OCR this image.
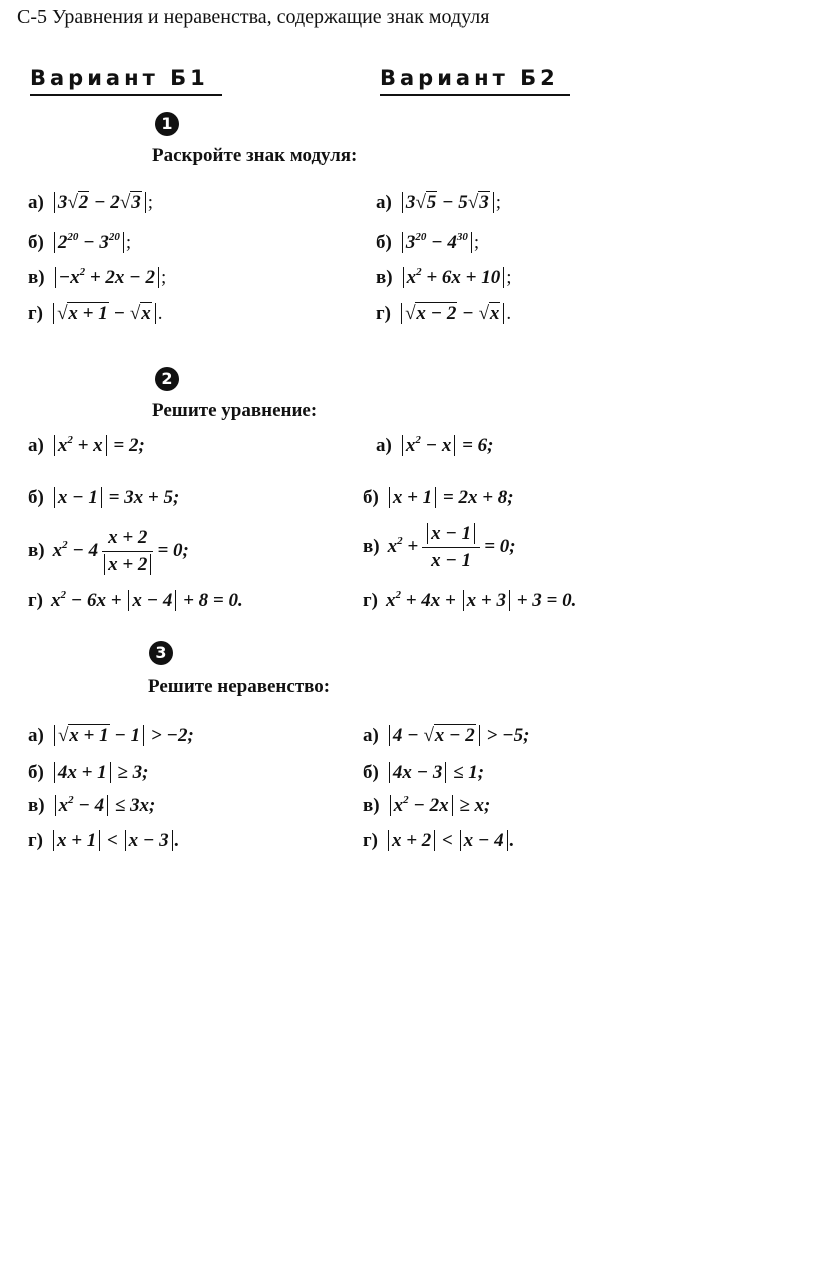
С-5 Уравнения и неравенства, содержащие знак модуля
Вариант Б1	Вариант Б2
1
Раскройте знак модуля:
а) 3√2 − 2√3 ;
б) $2^{20} - 3^{20}$ ;
$в) -x^2 + 2x - 2$ ;
г) √x + 1 − √x .
а) 3√5 − 5√3 ;
б) $3^{20} - 4^{30}$ ;
в) $x^2 + 6x + 10$ ;
г) √x − 2 − √x .
2
Решите уравнение:
а) $x^2 + x = 2$;
б) x − 1 = 3x + 5;
в) $x^2 - 4 \frac{x + 2}{x + 2} = 0$;
г) $x^2 - 6x + x - 4 + 8 = 0$.
а) $x^2 - x = 6$;
б) x + 1 = 2x + 8;
в) $x^2 + \frac{x - 1}{x - 1} = 0$;
г) $x^2 + 4x + x + 3 + 3 = 0$.
3
Решите неравенство:
а) √x + 1 − 1 > −2;
б) 4x + 1 ≥ 3;
в) $x^2 - 4 \le 3x$;
г) x + 1 < x − 3 .
а) 4 − √x − 2 > −5;
б) 4x − 3 ≤ 1;
в) $x^2 - 2x \ge x$;
г) x + 2 < x − 4 .
